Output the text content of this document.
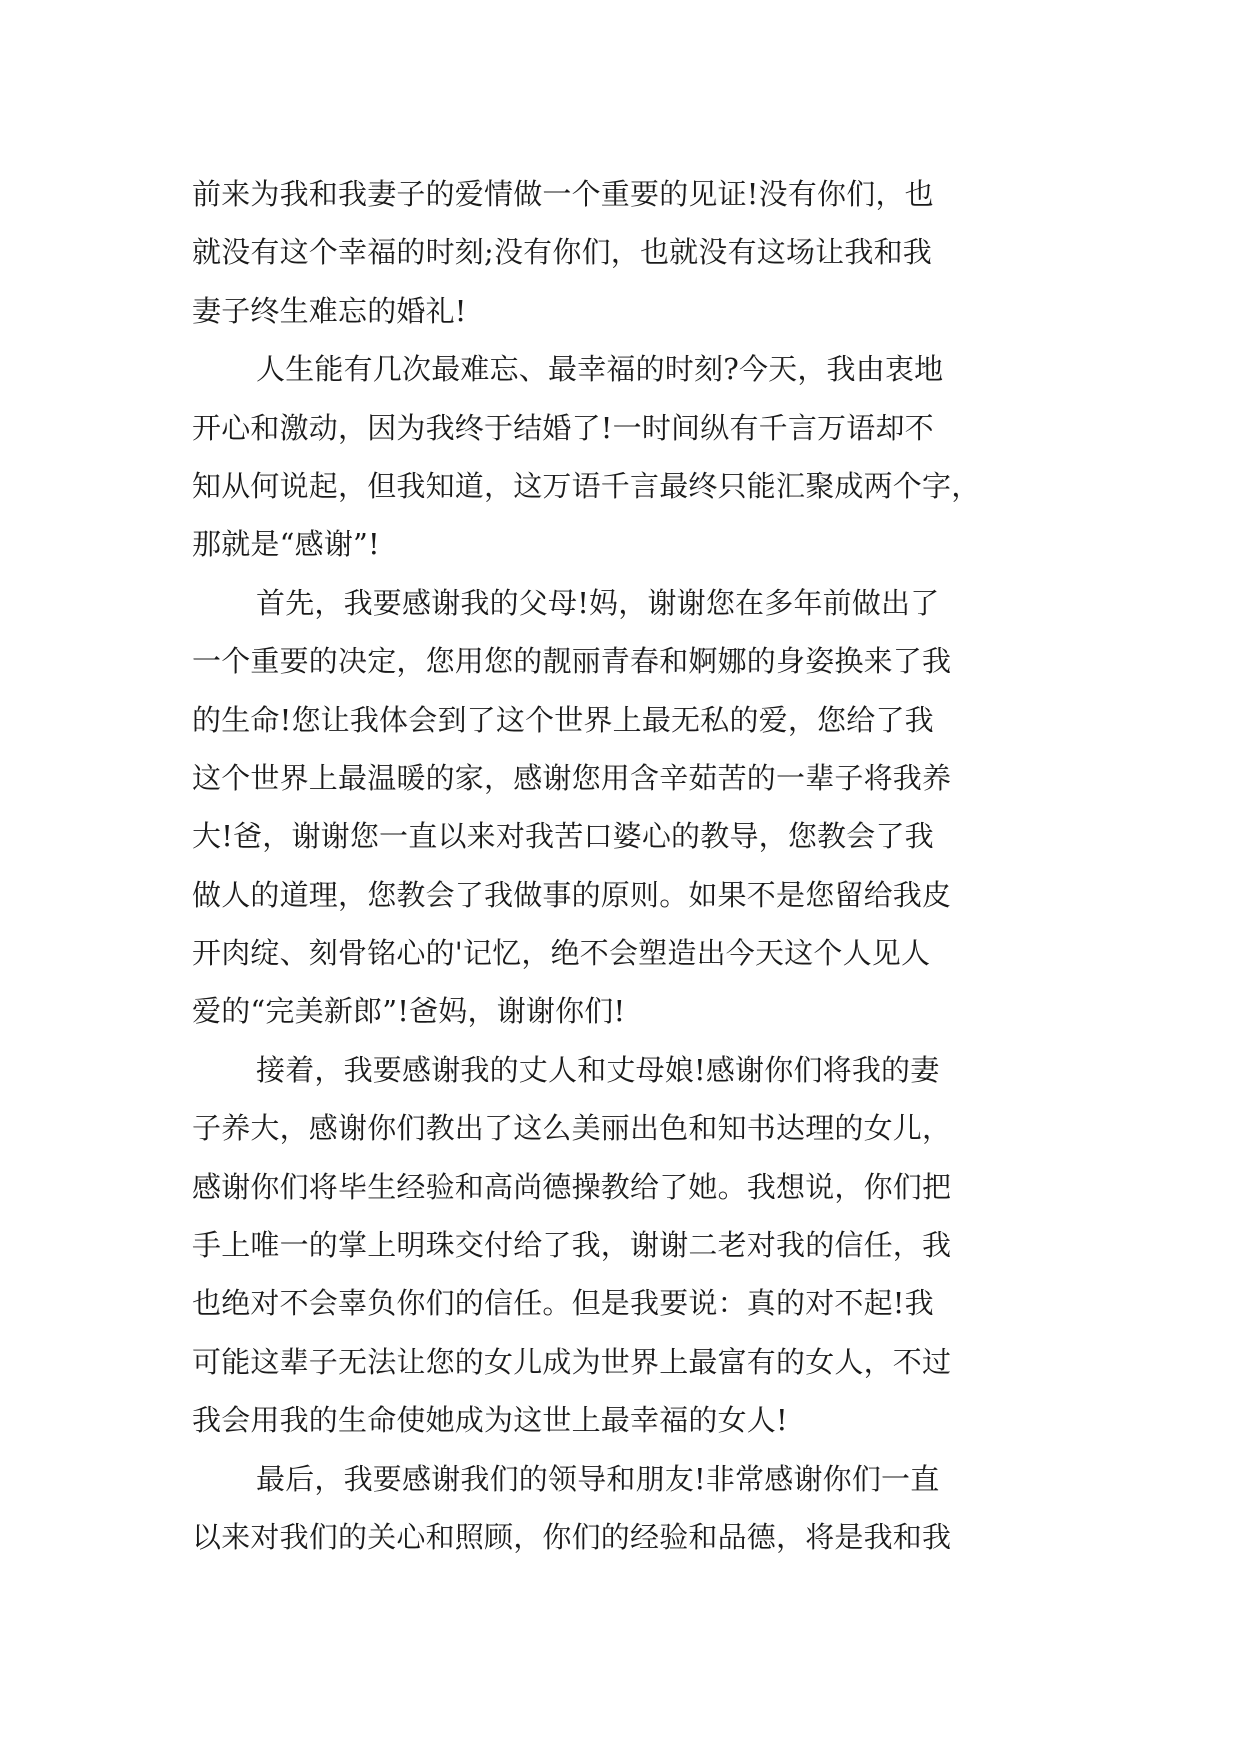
前来为我和我妻子的爱情做一个重要的见证!没有你们，也
就没有这个幸福的时刻;没有你们，也就没有这场让我和我
妻子终生难忘的婚礼!
人生能有几次最难忘、最幸福的时刻?今天，我由衷地
开心和激动，因为我终于结婚了!一时间纵有千言万语却不
知从何说起，但我知道，这万语千言最终只能汇聚成两个字，
那就是“感谢”!
首先，我要感谢我的父母!妈，谢谢您在多年前做出了
一个重要的决定，您用您的靓丽青春和婀娜的身姿换来了我
的生命!您让我体会到了这个世界上最无私的爱，您给了我
这个世界上最温暖的家，感谢您用含辛茹苦的一辈子将我养
大!爸，谢谢您一直以来对我苦口婆心的教导，您教会了我
做人的道理，您教会了我做事的原则。如果不是您留给我皮
开肉绽、刻骨铭心的'记忆，绝不会塑造出今天这个人见人
爱的“完美新郎”!爸妈，谢谢你们!
接着，我要感谢我的丈人和丈母娘!感谢你们将我的妻
子养大，感谢你们教出了这么美丽出色和知书达理的女儿，
感谢你们将毕生经验和高尚德操教给了她。我想说，你们把
手上唯一的掌上明珠交付给了我，谢谢二老对我的信任，我
也绝对不会辜负你们的信任。但是我要说：真的对不起!我
可能这辈子无法让您的女儿成为世界上最富有的女人，不过
我会用我的生命使她成为这世上最幸福的女人!
最后，我要感谢我们的领导和朋友!非常感谢你们一直
以来对我们的关心和照顾，你们的经验和品德，将是我和我
